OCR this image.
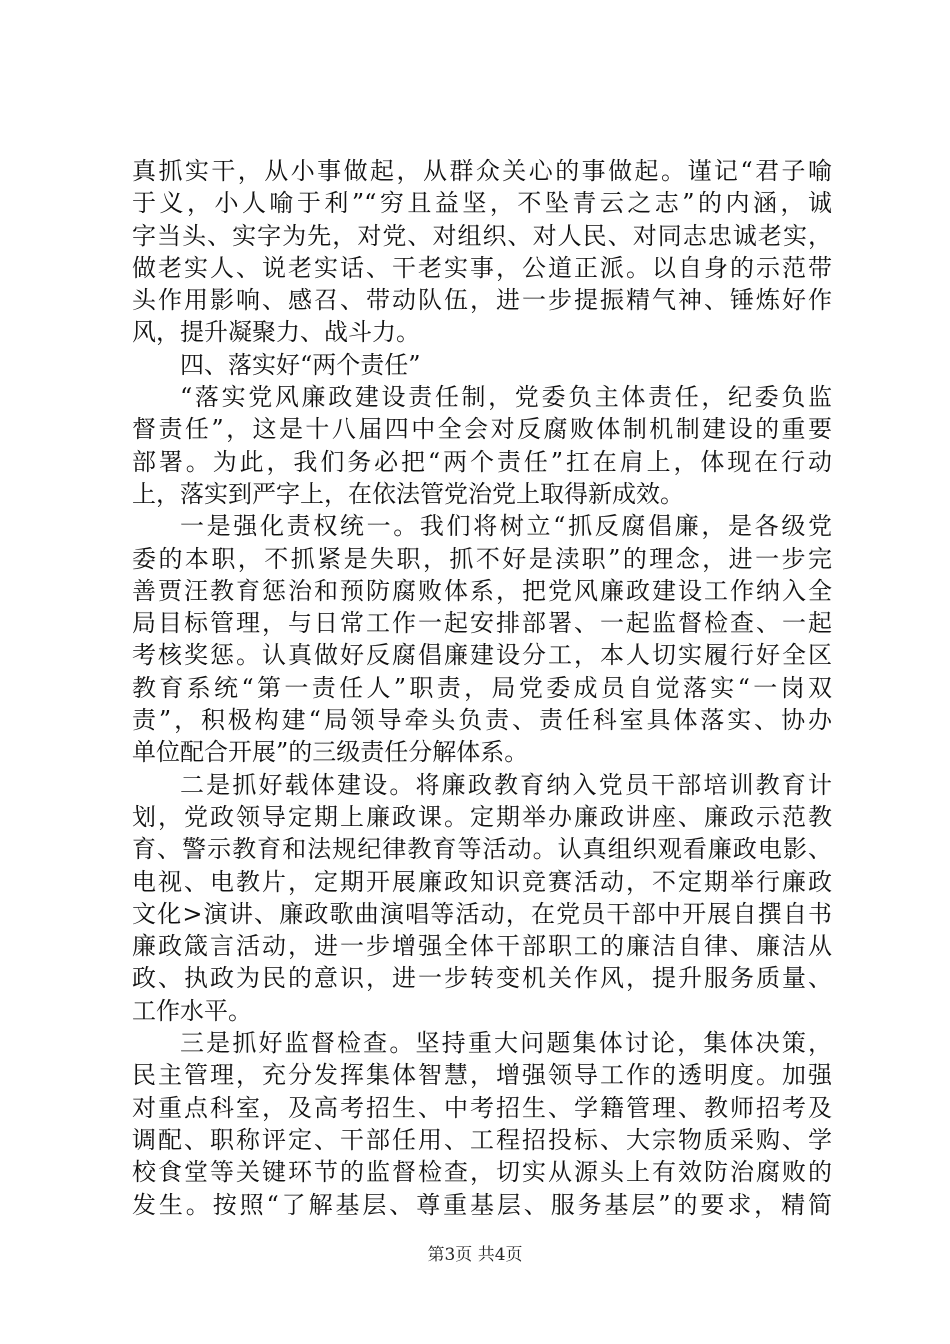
真抓实干，从小事做起，从群众关心的事做起。谨记“君子喻
于义，小人喻于利”“穷且益坚，不坠青云之志”的内涵，诚
字当头、实字为先，对党、对组织、对人民、对同志忠诚老实，
做老实人、说老实话、干老实事，公道正派。以自身的示范带
头作用影响、感召、带动队伍，进一步提振精气神、锤炼好作
风，提升凝聚力、战斗力。
四、落实好“两个责任”
“落实党风廉政建设责任制，党委负主体责任，纪委负监
督责任”，这是十八届四中全会对反腐败体制机制建设的重要
部署。为此，我们务必把“两个责任”扛在肩上，体现在行动
上，落实到严字上，在依法管党治党上取得新成效。
一是强化责权统一。我们将树立“抓反腐倡廉，是各级党
委的本职，不抓紧是失职，抓不好是渎职”的理念，进一步完
善贾汪教育惩治和预防腐败体系，把党风廉政建设工作纳入全
局目标管理，与日常工作一起安排部署、一起监督检查、一起
考核奖惩。认真做好反腐倡廉建设分工，本人切实履行好全区
教育系统“第一责任人”职责，局党委成员自觉落实“一岗双
责”，积极构建“局领导牵头负责、责任科室具体落实、协办
单位配合开展”的三级责任分解体系。
二是抓好载体建设。将廉政教育纳入党员干部培训教育计
划，党政领导定期上廉政课。定期举办廉政讲座、廉政示范教
育、警示教育和法规纪律教育等活动。认真组织观看廉政电影、
电视、电教片，定期开展廉政知识竞赛活动，不定期举行廉政
文化>演讲、廉政歌曲演唱等活动，在党员干部中开展自撰自书
廉政箴言活动，进一步增强全体干部职工的廉洁自律、廉洁从
政、执政为民的意识，进一步转变机关作风，提升服务质量、
工作水平。
三是抓好监督检查。坚持重大问题集体讨论，集体决策，
民主管理，充分发挥集体智慧，增强领导工作的透明度。加强
对重点科室，及高考招生、中考招生、学籍管理、教师招考及
调配、职称评定、干部任用、工程招投标、大宗物质采购、学
校食堂等关键环节的监督检查，切实从源头上有效防治腐败的
发生。按照“了解基层、尊重基层、服务基层”的要求，精简
第3页 共4页
